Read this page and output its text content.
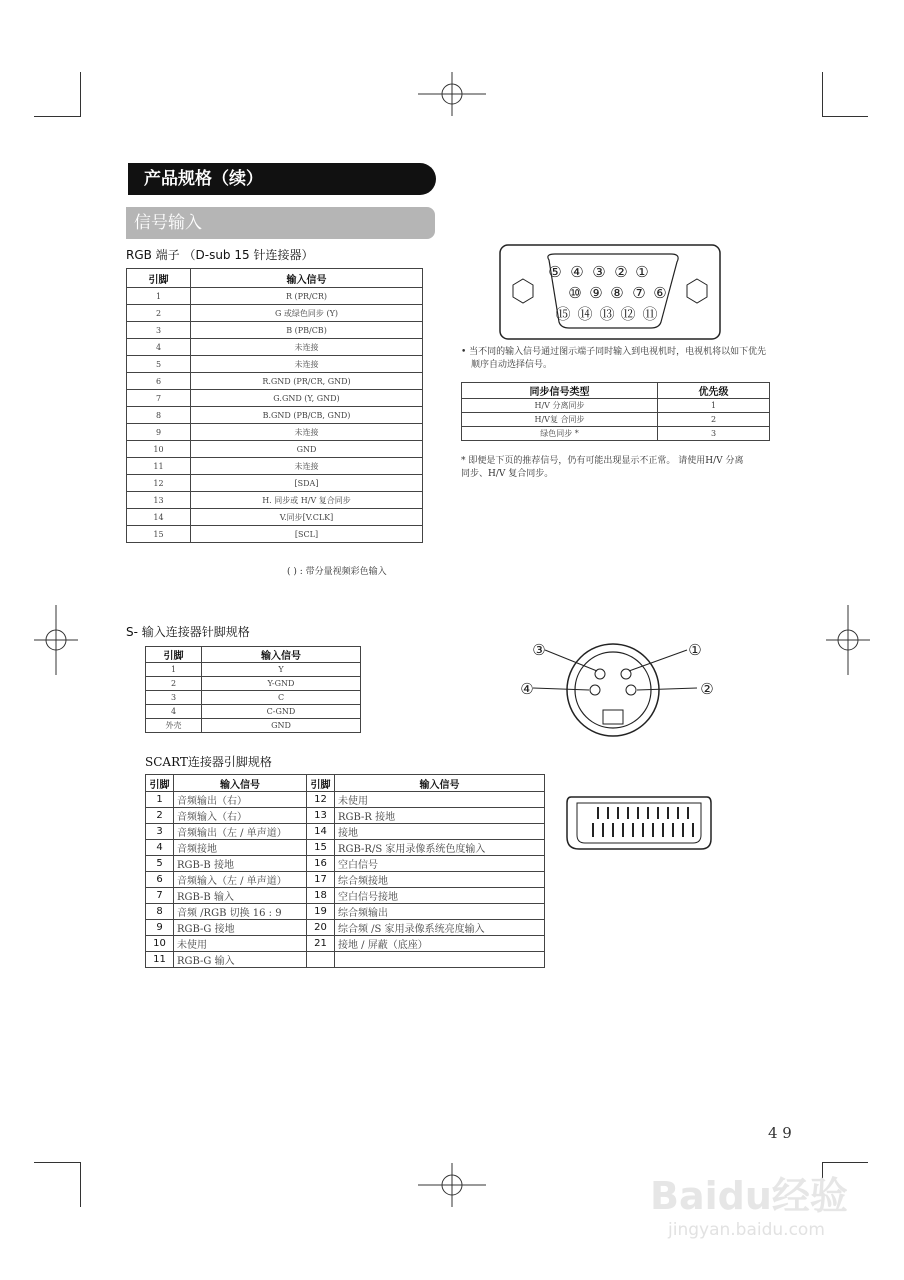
产品规格（续）
信号输入
RGB 端子 （D-sub 15 针连接器）
引脚	输入信号
1	R (PR/CR)
2	G 或绿色同步 (Y)
3	B (PB/CB)
4	未连接
5	未连接
6	R.GND (PR/CR, GND)
7	G.GND (Y, GND)
8	B.GND (PB/CB, GND)
9	未连接
10	GND
11	未连接
12	[SDA]
13	H. 同步或 H/V 复合同步
14	V.同步[V.CLK]
15	[SCL]
( ) : 带分量视频彩色输入
⑤ ④ ③ ② ①
⑩ ⑨ ⑧ ⑦ ⑥
⑮ ⑭ ⑬ ⑫ ⑪
• 当不同的输入信号通过图示端子同时输入到电视机时，电视机将以如下优先顺序自动选择信号。
同步信号类型	优先级
H/V 分离同步	1
H/V复 合同步	2
绿色同步 *	3
* 即便是下页的推荐信号，仍有可能出现显示不正常。 请使用H/V 分离同步、H/V 复合同步。
S- 输入连接器针脚规格
引脚	输入信号
1	Y
2	Y-GND
3	C
4	C-GND
外壳	GND
①
②
③
④
SCART连接器引脚规格
引脚	输入信号	引脚	输入信号
1	音频输出（右）	12	未使用
2	音频输入（右）	13	RGB-R 接地
3	音频输出（左 / 单声道）	14	接地
4	音频接地	15	RGB-R/S 家用录像系统色度输入
5	RGB-B 接地	16	空白信号
6	音频输入（左 / 单声道）	17	综合频接地
7	RGB-B 输入	18	空白信号接地
8	音频 /RGB 切换 16 : 9	19	综合频输出
9	RGB-G 接地	20	综合频 /S 家用录像系统亮度输入
10	未使用	21	接地 / 屏蔽（底座）
11	RGB-G 输入		
4 9
Baidu经验
jingyan.baidu.com
